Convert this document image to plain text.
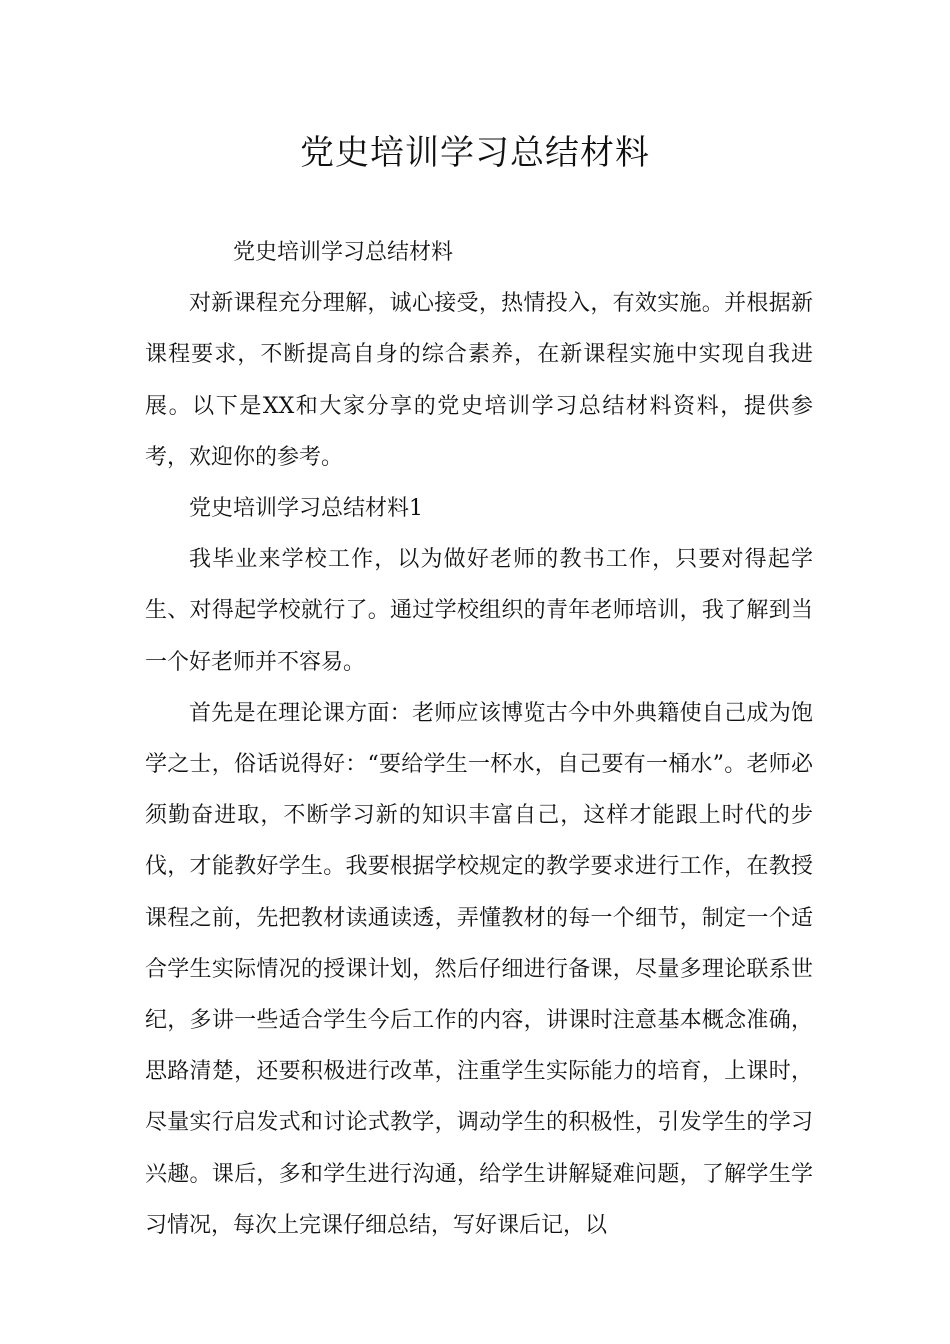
党史培训学习总结材料

党史培训学习总结材料

对新课程充分理解，诚心接受，热情投入，有效实施。并根据新课程要求，不断提高自身的综合素养，在新课程实施中实现自我进展。以下是XX和大家分享的党史培训学习总结材料资料，提供参考，欢迎你的参考。

党史培训学习总结材料1

我毕业来学校工作，以为做好老师的教书工作，只要对得起学生、对得起学校就行了。通过学校组织的青年老师培训，我了解到当一个好老师并不容易。

首先是在理论课方面：老师应该博览古今中外典籍使自己成为饱学之士，俗话说得好：“要给学生一杯水，自己要有一桶水”。老师必须勤奋进取，不断学习新的知识丰富自己，这样才能跟上时代的步伐，才能教好学生。我要根据学校规定的教学要求进行工作，在教授课程之前，先把教材读通读透，弄懂教材的每一个细节，制定一个适合学生实际情况的授课计划，然后仔细进行备课，尽量多理论联系世纪，多讲一些适合学生今后工作的内容，讲课时注意基本概念准确，思路清楚，还要积极进行改革，注重学生实际能力的培育，上课时，尽量实行启发式和讨论式教学，调动学生的积极性，引发学生的学习兴趣。课后，多和学生进行沟通，给学生讲解疑难问题，了解学生学习情况，每次上完课仔细总结，写好课后记，以
